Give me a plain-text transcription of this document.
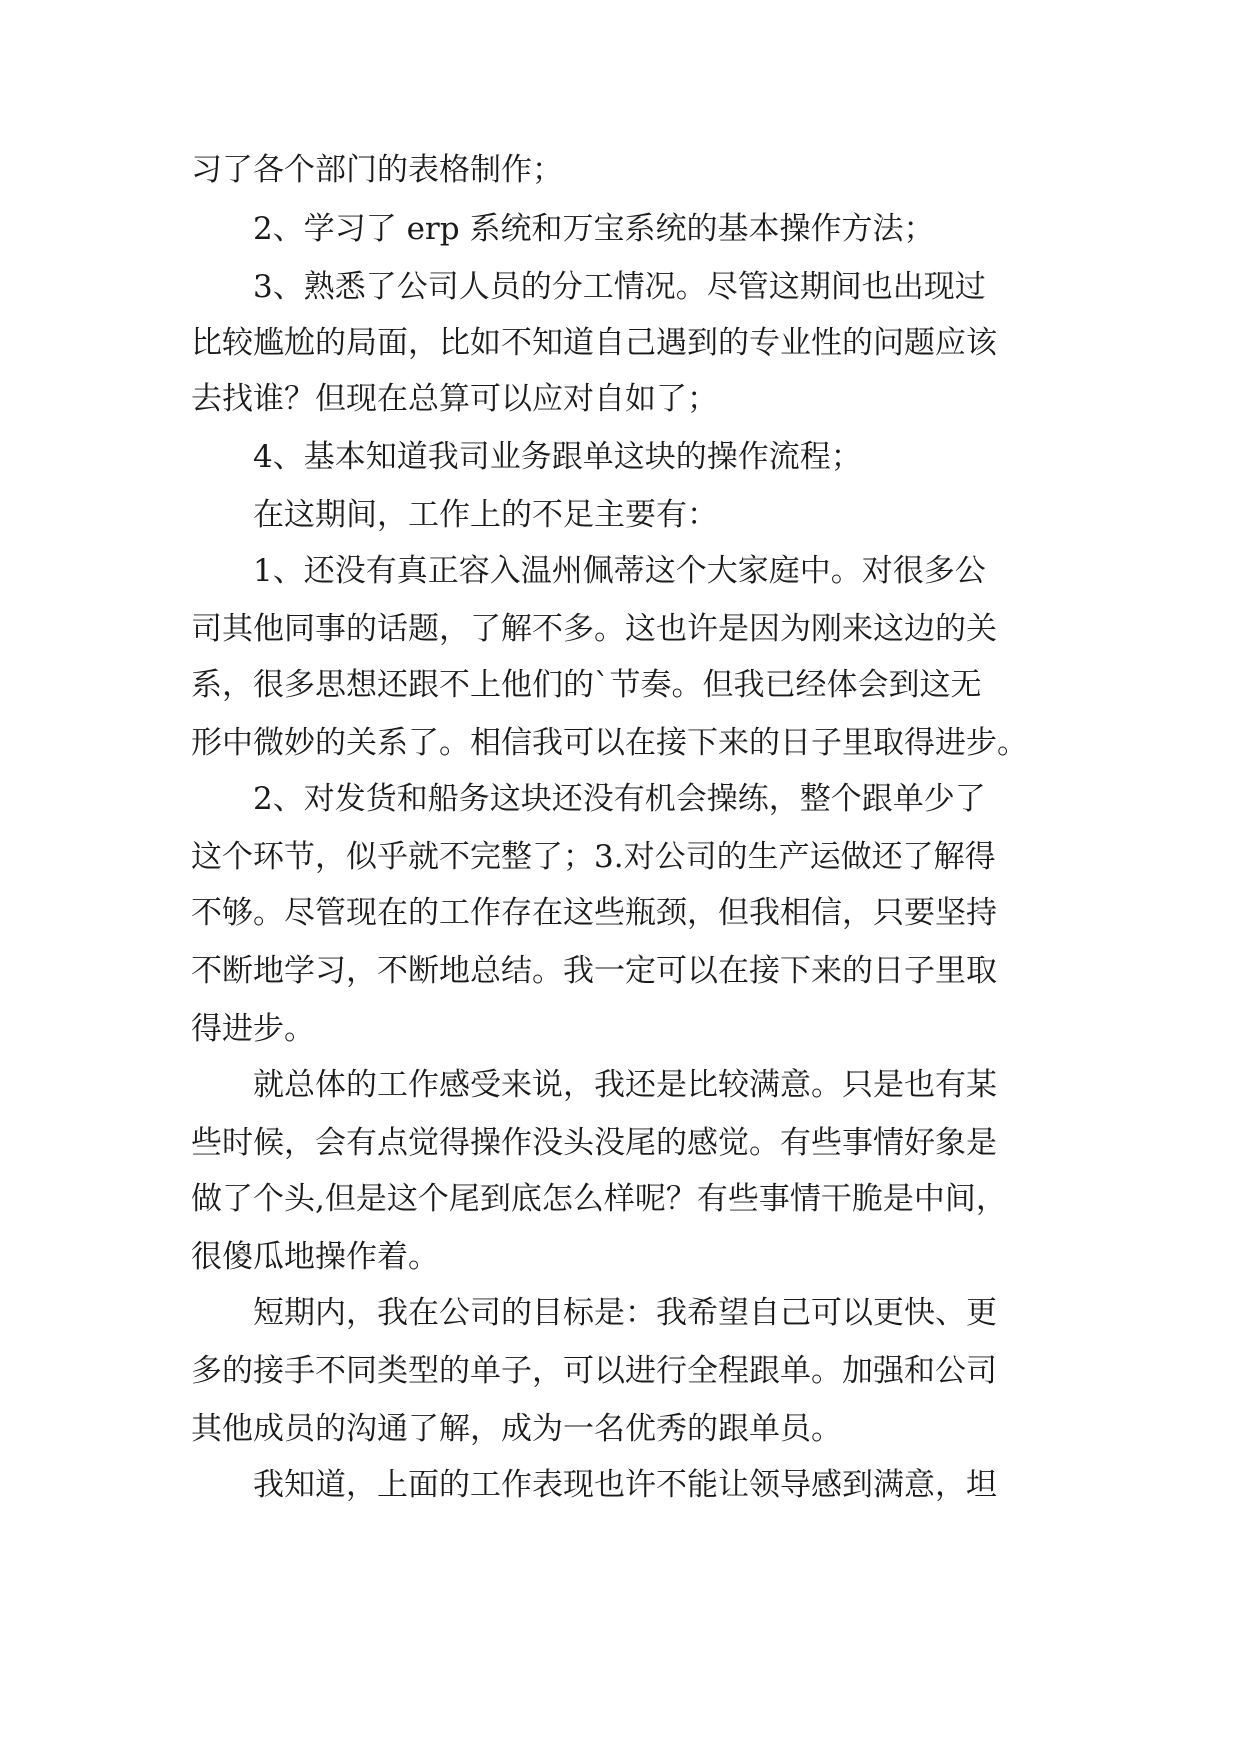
习了各个部门的表格制作；
2、学习了 erp 系统和万宝系统的基本操作方法；
3、熟悉了公司人员的分工情况。尽管这期间也出现过
比较尴尬的局面，比如不知道自己遇到的专业性的问题应该
去找谁？但现在总算可以应对自如了；
4、基本知道我司业务跟单这块的操作流程；
在这期间，工作上的不足主要有：
1、还没有真正容入温州佩蒂这个大家庭中。对很多公
司其他同事的话题，了解不多。这也许是因为刚来这边的关
系，很多思想还跟不上他们的`节奏。但我已经体会到这无
形中微妙的关系了。相信我可以在接下来的日子里取得进步。
2、对发货和船务这块还没有机会操练，整个跟单少了
这个环节，似乎就不完整了；3.对公司的生产运做还了解得
不够。尽管现在的工作存在这些瓶颈，但我相信，只要坚持
不断地学习，不断地总结。我一定可以在接下来的日子里取
得进步。
就总体的工作感受来说，我还是比较满意。只是也有某
些时候，会有点觉得操作没头没尾的感觉。有些事情好象是
做了个头,但是这个尾到底怎么样呢？有些事情干脆是中间，
很傻瓜地操作着。
短期内，我在公司的目标是：我希望自己可以更快、更
多的接手不同类型的单子，可以进行全程跟单。加强和公司
其他成员的沟通了解，成为一名优秀的跟单员。
我知道，上面的工作表现也许不能让领导感到满意，坦
